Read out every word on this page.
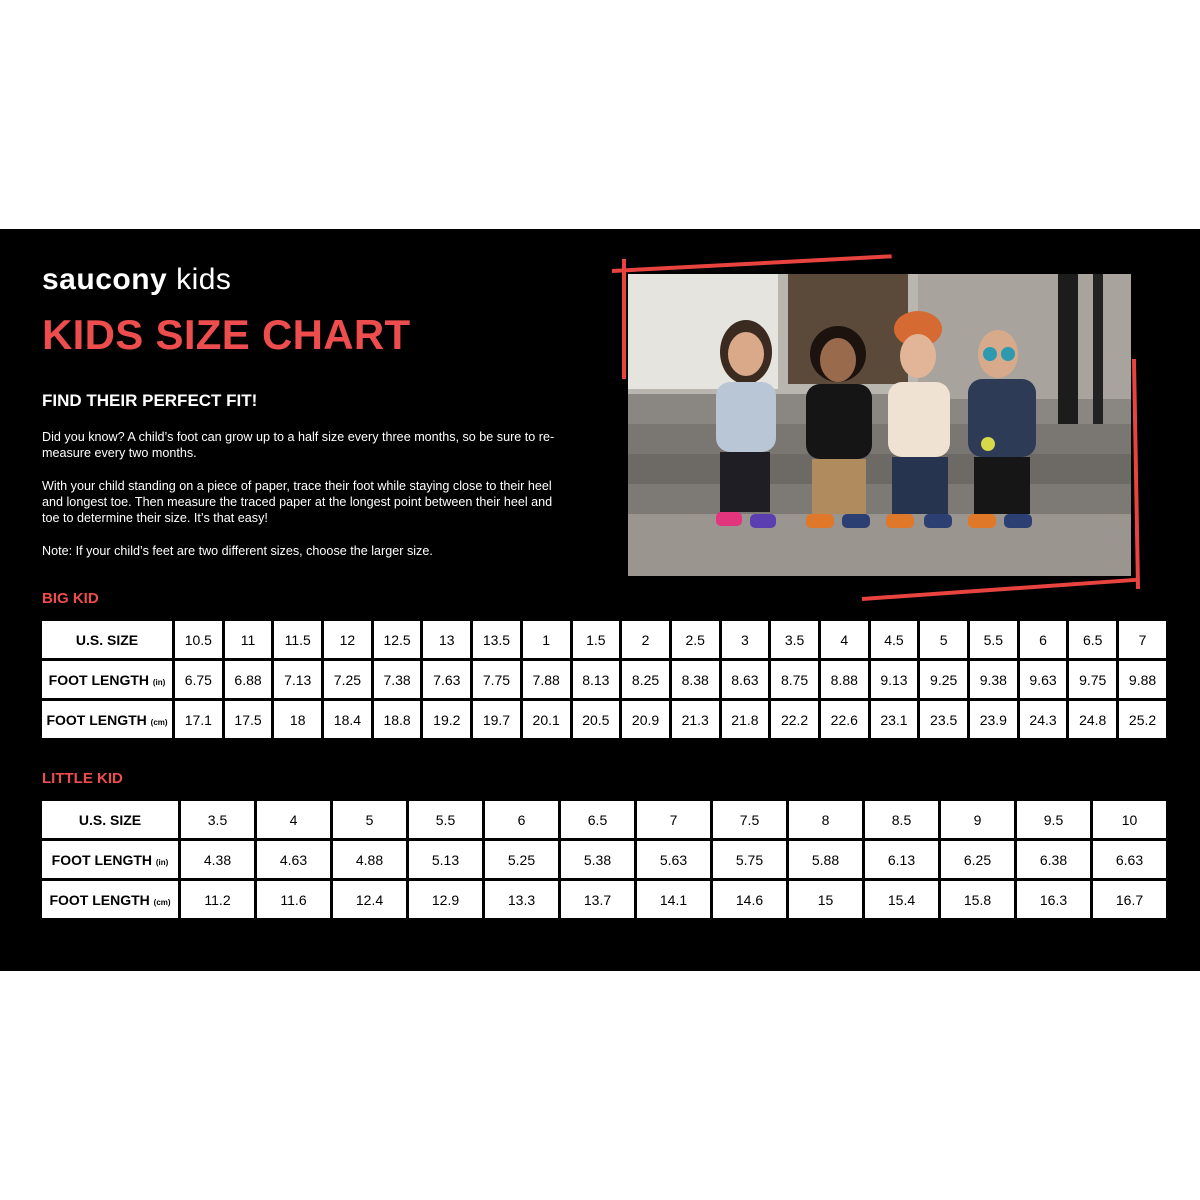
saucony kids
KIDS SIZE CHART
FIND THEIR PERFECT FIT!

Did you know? A child’s foot can grow up to a half size every three months, so be sure to re-measure every two months.

With your child standing on a piece of paper, trace their foot while staying close to their heel and longest toe. Then measure the traced paper at the longest point between their heel and toe to determine their size. It’s that easy!

Note: If your child’s feet are two different sizes, choose the larger size.

BIG KID
U.S. SIZE	10.5	11	11.5	12	12.5	13	13.5	1	1.5	2	2.5	3	3.5	4	4.5	5	5.5	6	6.5	7
FOOT LENGTH (in)	6.75	6.88	7.13	7.25	7.38	7.63	7.75	7.88	8.13	8.25	8.38	8.63	8.75	8.88	9.13	9.25	9.38	9.63	9.75	9.88
FOOT LENGTH (cm)	17.1	17.5	18	18.4	18.8	19.2	19.7	20.1	20.5	20.9	21.3	21.8	22.2	22.6	23.1	23.5	23.9	24.3	24.8	25.2
LITTLE KID
U.S. SIZE	3.5	4	5	5.5	6	6.5	7	7.5	8	8.5	9	9.5	10
FOOT LENGTH (in)	4.38	4.63	4.88	5.13	5.25	5.38	5.63	5.75	5.88	6.13	6.25	6.38	6.63
FOOT LENGTH (cm)	11.2	11.6	12.4	12.9	13.3	13.7	14.1	14.6	15	15.4	15.8	16.3	16.7
